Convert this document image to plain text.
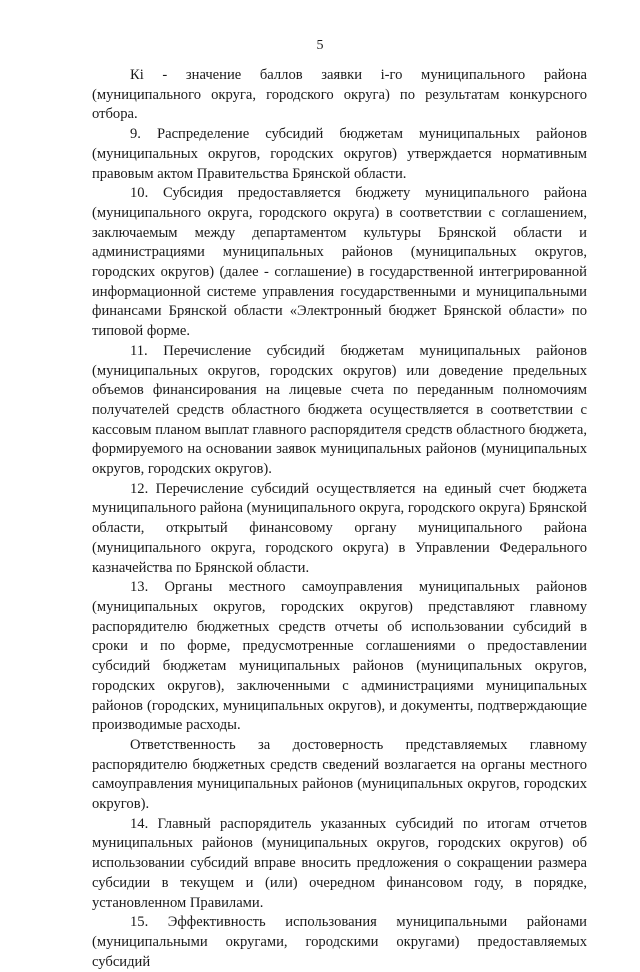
5

Кi - значение баллов заявки i-го муниципального района (муниципального округа, городского округа) по результатам конкурсного отбора.

9. Распределение субсидий бюджетам муниципальных районов (муниципальных округов, городских округов) утверждается нормативным правовым актом Правительства Брянской области.

10. Субсидия предоставляется бюджету муниципального района (муниципального округа, городского округа) в соответствии с соглашением, заключаемым между департаментом культуры Брянской области и администрациями муниципальных районов (муниципальных округов, городских округов) (далее - соглашение) в государственной интегрированной информационной системе управления государственными и муниципальными финансами Брянской области «Электронный бюджет Брянской области» по типовой форме.

11. Перечисление субсидий бюджетам муниципальных районов (муниципальных округов, городских округов) или доведение предельных объемов финансирования на лицевые счета по переданным полномочиям получателей средств областного бюджета осуществляется в соответствии с кассовым планом выплат главного распорядителя средств областного бюджета, формируемого на основании заявок муниципальных районов (муниципальных округов, городских округов).

12. Перечисление субсидий осуществляется на единый счет бюджета муниципального района (муниципального округа, городского округа) Брянской области, открытый финансовому органу муниципального района (муниципального округа, городского округа) в Управлении Федерального казначейства по Брянской области.

13. Органы местного самоуправления муниципальных районов (муниципальных округов, городских округов) представляют главному распорядителю бюджетных средств отчеты об использовании субсидий в сроки и по форме, предусмотренные соглашениями о предоставлении субсидий бюджетам муниципальных районов (муниципальных округов, городских округов), заключенными с администрациями муниципальных районов (городских, муниципальных округов), и документы, подтверждающие производимые расходы.

Ответственность за достоверность представляемых главному распорядителю бюджетных средств сведений возлагается на органы местного самоуправления муниципальных районов (муниципальных округов, городских округов).

14. Главный распорядитель указанных субсидий по итогам отчетов муниципальных районов (муниципальных округов, городских округов) об использовании субсидий вправе вносить предложения о сокращении размера субсидии в текущем и (или) очередном финансовом году, в порядке, установленном Правилами.

15. Эффективность использования муниципальными районами (муниципальными округами, городскими округами) предоставляемых субсидий
